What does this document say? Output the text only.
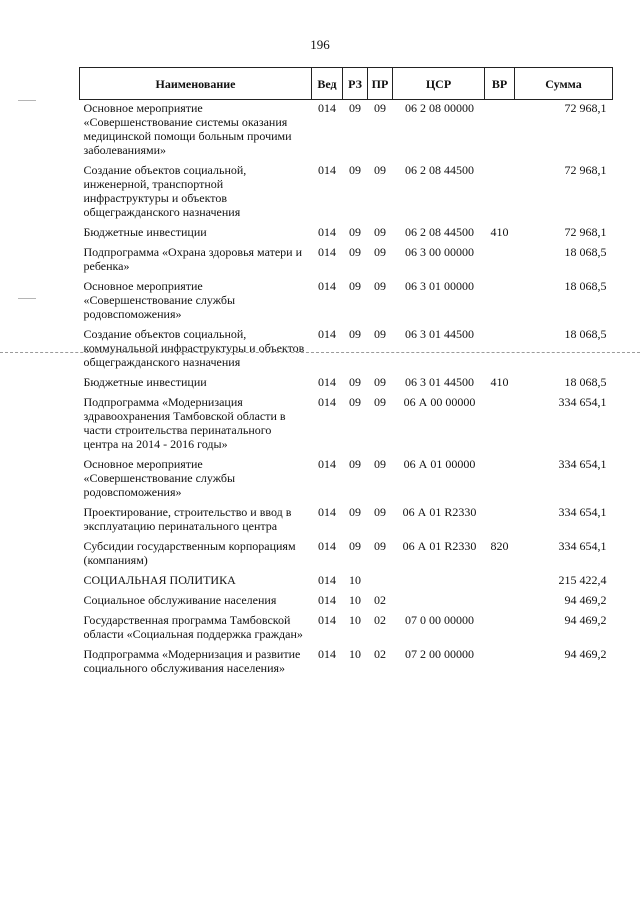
196
Наименование	Вед	РЗ	ПР	ЦСР	ВР	Сумма
Основное мероприятие «Совершенствование системы оказания медицинской помощи больным прочими заболеваниями»	014	09	09	06 2 08 00000		72 968,1
Создание объектов социальной, инженерной, транспортной инфраструктуры и объектов общегражданского назначения	014	09	09	06 2 08 44500		72 968,1
Бюджетные инвестиции	014	09	09	06 2 08 44500	410	72 968,1
Подпрограмма «Охрана здоровья матери и ребенка»	014	09	09	06 3 00 00000		18 068,5
Основное мероприятие «Совершенствование службы родовспоможения»	014	09	09	06 3 01 00000		18 068,5
Создание объектов социальной, коммунальной инфраструктуры и объектов общегражданского назначения	014	09	09	06 3 01 44500		18 068,5
Бюджетные инвестиции	014	09	09	06 3 01 44500	410	18 068,5
Подпрограмма «Модернизация здравоохранения Тамбовской области в части строительства перинатального центра на 2014 - 2016 годы»	014	09	09	06 А 00 00000		334 654,1
Основное мероприятие «Совершенствование службы родовспоможения»	014	09	09	06 А 01 00000		334 654,1
Проектирование, строительство и ввод в эксплуатацию перинатального центра	014	09	09	06 А 01 R2330		334 654,1
Субсидии государственным корпорациям (компаниям)	014	09	09	06 А 01 R2330	820	334 654,1
СОЦИАЛЬНАЯ ПОЛИТИКА	014	10				215 422,4
Социальное обслуживание населения	014	10	02			94 469,2
Государственная программа Тамбовской области «Социальная поддержка граждан»	014	10	02	07 0 00 00000		94 469,2
Подпрограмма «Модернизация и развитие социального обслуживания населения»	014	10	02	07 2 00 00000		94 469,2
